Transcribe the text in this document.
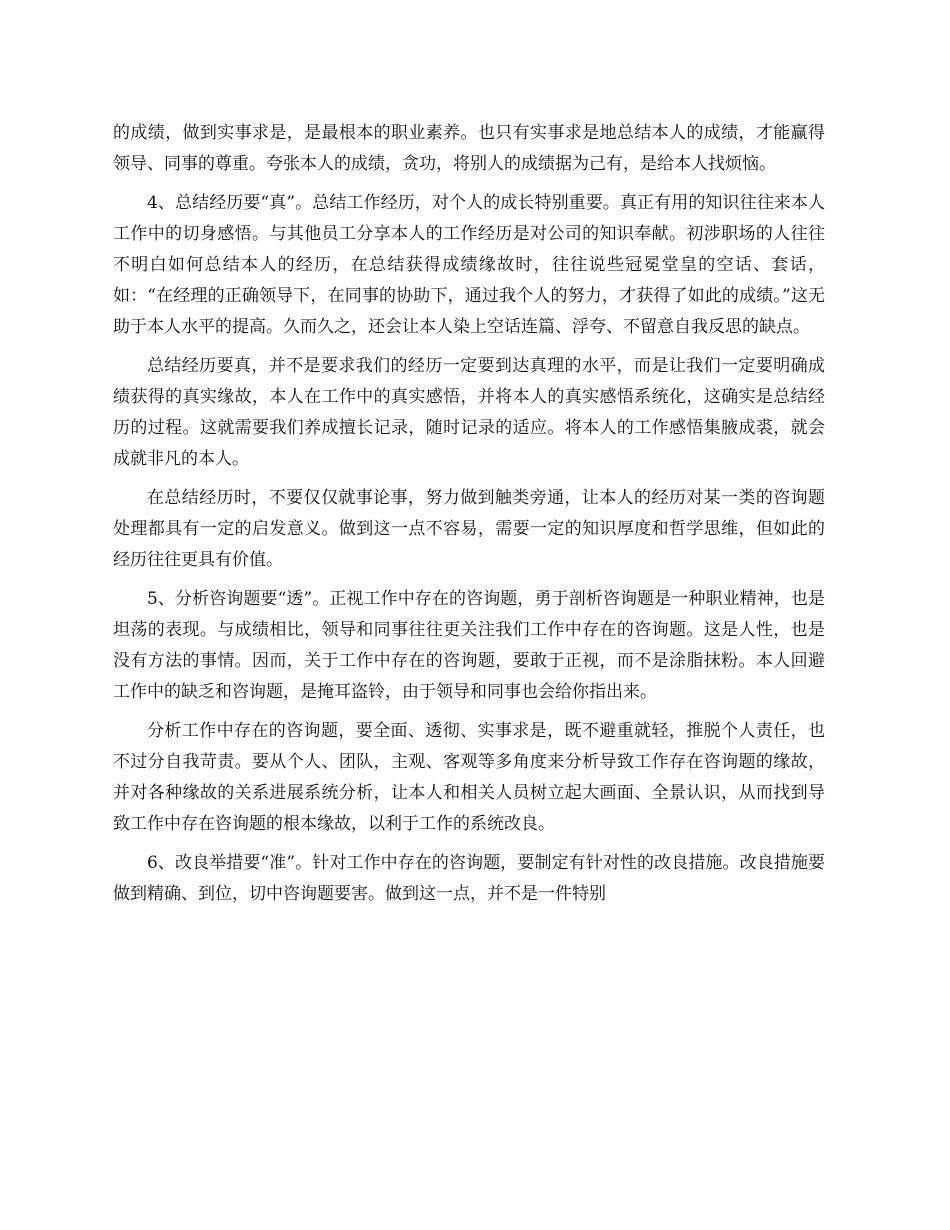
的成绩，做到实事求是，是最根本的职业素养。也只有实事求是地总结本人的成绩，才能赢得领导、同事的尊重。夸张本人的成绩，贪功，将别人的成绩据为己有，是给本人找烦恼。

4、总结经历要“真”。总结工作经历，对个人的成长特别重要。真正有用的知识往往来本人工作中的切身感悟。与其他员工分享本人的工作经历是对公司的知识奉献。初涉职场的人往往不明白如何总结本人的经历，在总结获得成绩缘故时，往往说些冠冕堂皇的空话、套话，如：“在经理的正确领导下，在同事的协助下，通过我个人的努力，才获得了如此的成绩。”这无助于本人水平的提高。久而久之，还会让本人染上空话连篇、浮夸、不留意自我反思的缺点。

总结经历要真，并不是要求我们的经历一定要到达真理的水平，而是让我们一定要明确成绩获得的真实缘故，本人在工作中的真实感悟，并将本人的真实感悟系统化，这确实是总结经历的过程。这就需要我们养成擅长记录，随时记录的适应。将本人的工作感悟集腋成裘，就会成就非凡的本人。

在总结经历时，不要仅仅就事论事，努力做到触类旁通，让本人的经历对某一类的咨询题处理都具有一定的启发意义。做到这一点不容易，需要一定的知识厚度和哲学思维，但如此的经历往往更具有价值。

5、分析咨询题要“透”。正视工作中存在的咨询题，勇于剖析咨询题是一种职业精神，也是坦荡的表现。与成绩相比，领导和同事往往更关注我们工作中存在的咨询题。这是人性，也是没有方法的事情。因而，关于工作中存在的咨询题，要敢于正视，而不是涂脂抹粉。本人回避工作中的缺乏和咨询题，是掩耳盗铃，由于领导和同事也会给你指出来。

分析工作中存在的咨询题，要全面、透彻、实事求是，既不避重就轻，推脱个人责任，也不过分自我苛责。要从个人、团队，主观、客观等多角度来分析导致工作存在咨询题的缘故，并对各种缘故的关系进展系统分析，让本人和相关人员树立起大画面、全景认识，从而找到导致工作中存在咨询题的根本缘故，以利于工作的系统改良。

6、改良举措要“准”。针对工作中存在的咨询题，要制定有针对性的改良措施。改良措施要做到精确、到位，切中咨询题要害。做到这一点，并不是一件特别
